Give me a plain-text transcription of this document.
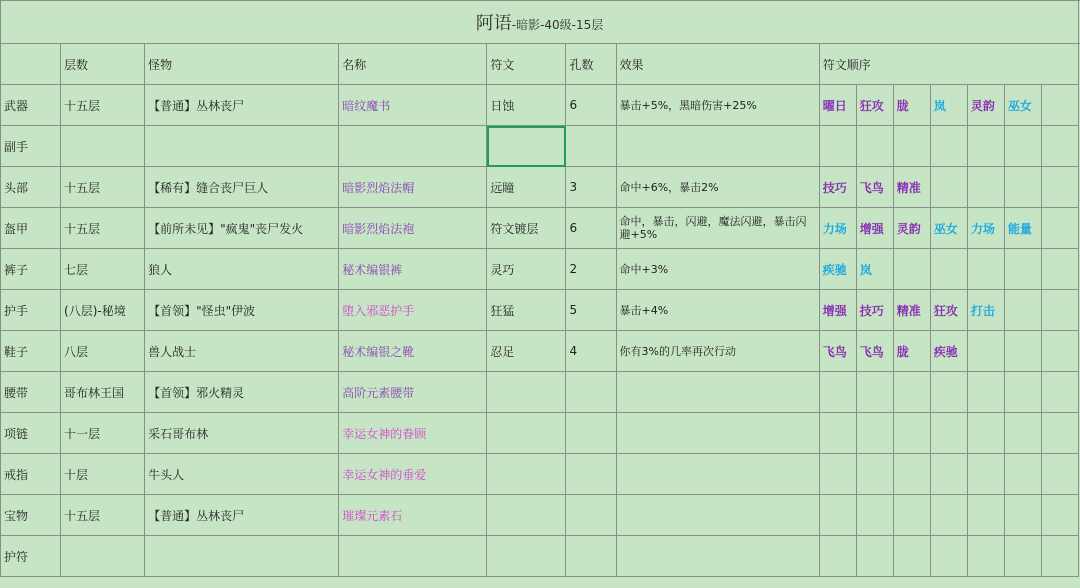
阿语-暗影-40级-15层														
	层数	怪物	名称	符文	孔数	效果	符文顺序							
武器	十五层	【普通】丛林丧尸	暗纹魔书	日蚀	6	暴击+5%，黑暗伤害+25%	曜日	狂攻	胧	岚	灵韵	巫女		
副手														
头部	十五层	【稀有】缝合丧尸巨人	暗影烈焰法帽	远瞳	3	命中+6%，暴击2%	技巧	飞鸟	精准					
盔甲	十五层	【前所未见】"疯鬼"丧尸发火	暗影烈焰法袍	符文镀层	6	命中，暴击，闪避，魔法闪避，暴击闪避+5%	力场	增强	灵韵	巫女	力场	能量		
裤子	七层	狼人	秘术编银裤	灵巧	2	命中+3%	疾驰	岚						
护手	(八层)-秘境	【首领】"怪虫"伊波	堕入邪恶护手	狂猛	5	暴击+4%	增强	技巧	精准	狂攻	打击			
鞋子	八层	兽人战士	秘术编银之靴	忍足	4	你有3%的几率再次行动	飞鸟	飞鸟	胧	疾驰				
腰带	哥布林王国	【首领】邪火精灵	高阶元素腰带											
项链	十一层	采石哥布林	幸运女神的眷顾											
戒指	十层	牛头人	幸运女神的垂爱											
宝物	十五层	【普通】丛林丧尸	璀璨元素石											
护符														
